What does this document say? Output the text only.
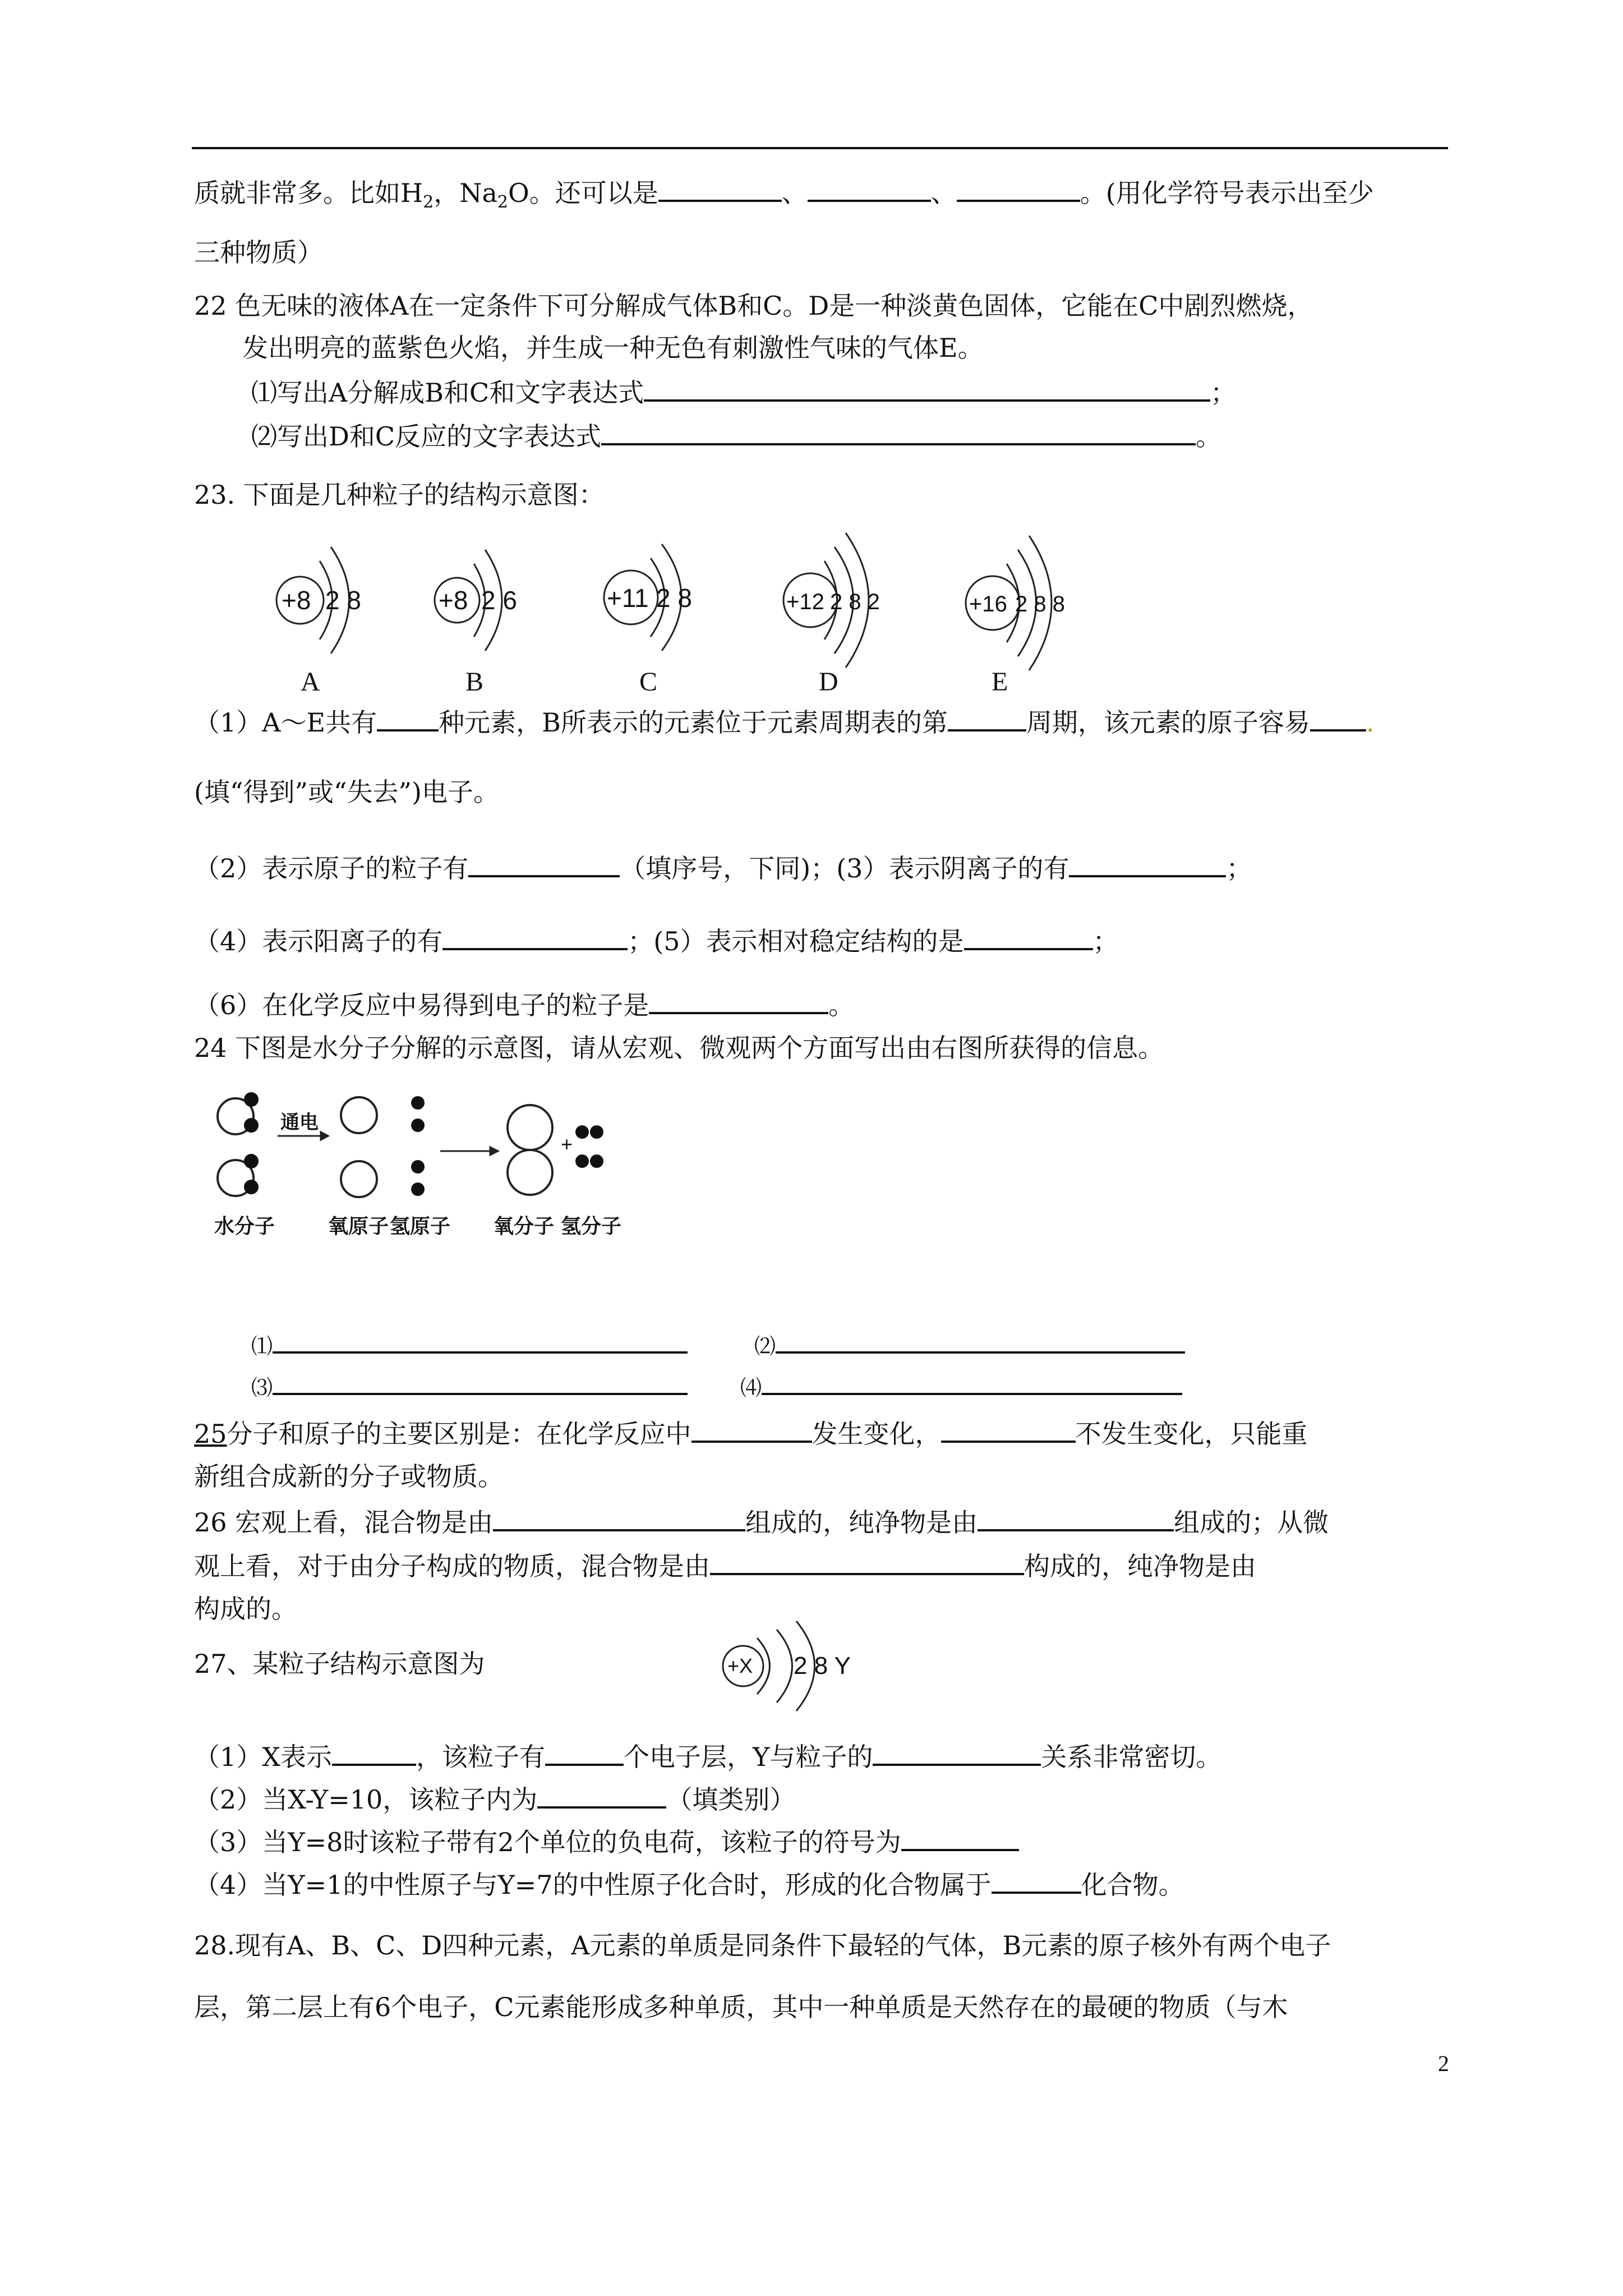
质就非常多。比如$H_2$，$Na_2O$。还可以是	、	、	。(用化学符号表示出至少
三种物质）
22 色无味的液体A在一定条件下可分解成气体B和C。D是一种淡黄色固体，它能在C中剧烈燃烧，
发出明亮的蓝紫色火焰，并生成一种无色有刺激性气味的气体E。
⑴写出A分解成B和C和文字表达式	；
⑵写出D和C反应的文字表达式	。
23. 下面是几种粒子的结构示意图：
+8 2 8	+8 2 6	+11 2 8	+12 2 8 2	+16 2 8 8
A	B	C	D	E
（1）A～E共有 种元素，B所表示的元素位于元素周期表的第	周期，该元素的原子容易 .
(填“得到”或“失去”)电子。
（2）表示原子的粒子有	（填序号，下同)；(3）表示阴离子的有	；
（4）表示阳离子的有	；(5）表示相对稳定结构的是	；
（6）在化学反应中易得到电子的粒子是	。
24 下图是水分子分解的示意图，请从宏观、微观两个方面写出由右图所获得的信息。
通电
+
水分子	氧原子 氢原子 氧分子 氢分子
⑴	⑵
⑶	⑷
25分子和原子的主要区别是：在化学反应中	发生变化，	不发生变化，只能重
新组合成新的分子或物质。
26 宏观上看，混合物是由	组成的，纯净物是由	组成的；从微
观上看，对于由分子构成的物质，混合物是由	构成的，纯净物是由
构成的。
27、某粒子结构示意图为	+X 2 8 Y
（1）X表示	，该粒子有	个电子层，Y与粒子的	关系非常密切。
（2）当X-Y=10，该粒子内为	（填类别）
（3）当Y=8时该粒子带有2个单位的负电荷，该粒子的符号为
（4）当Y=1的中性原子与Y=7的中性原子化合时，形成的化合物属于	化合物。
28.现有A、B、C、D四种元素，A元素的单质是同条件下最轻的气体，B元素的原子核外有两个电子
层，第二层上有6个电子，C元素能形成多种单质，其中一种单质是天然存在的最硬的物质（与木
2
